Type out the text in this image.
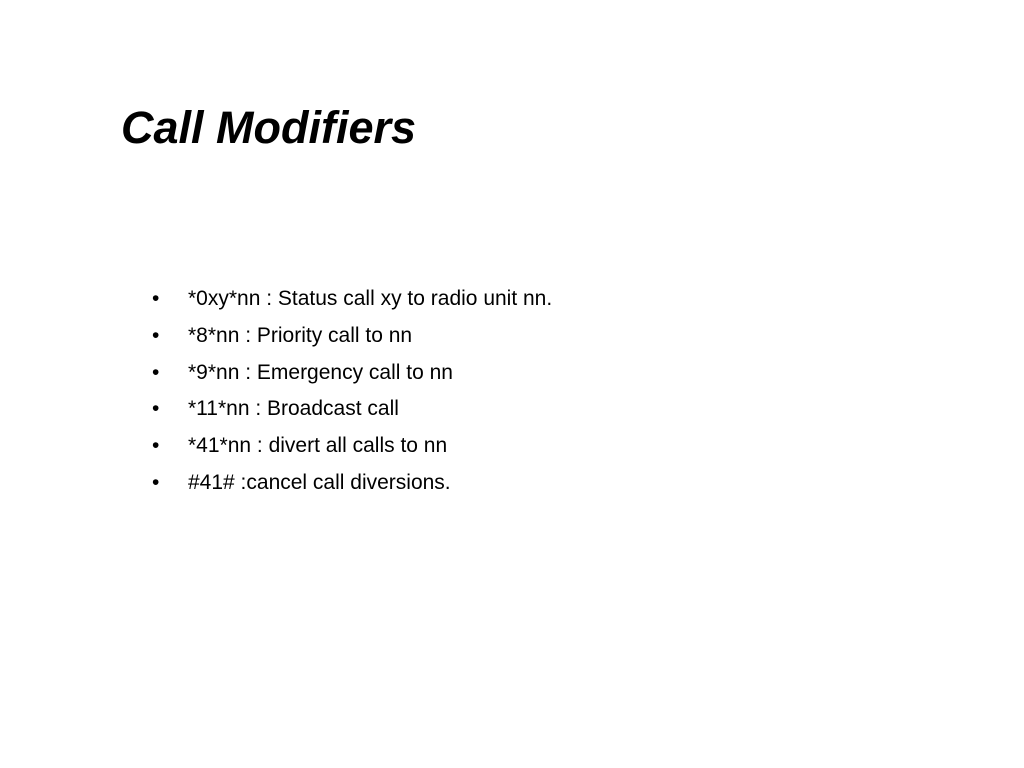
Call Modifiers
•	*0xy*nn : Status call xy to radio unit nn.
•	*8*nn : Priority call to nn
•	*9*nn : Emergency call to nn
•	*11*nn : Broadcast call
•	*41*nn : divert all calls to nn
•	#41# :cancel call diversions.
